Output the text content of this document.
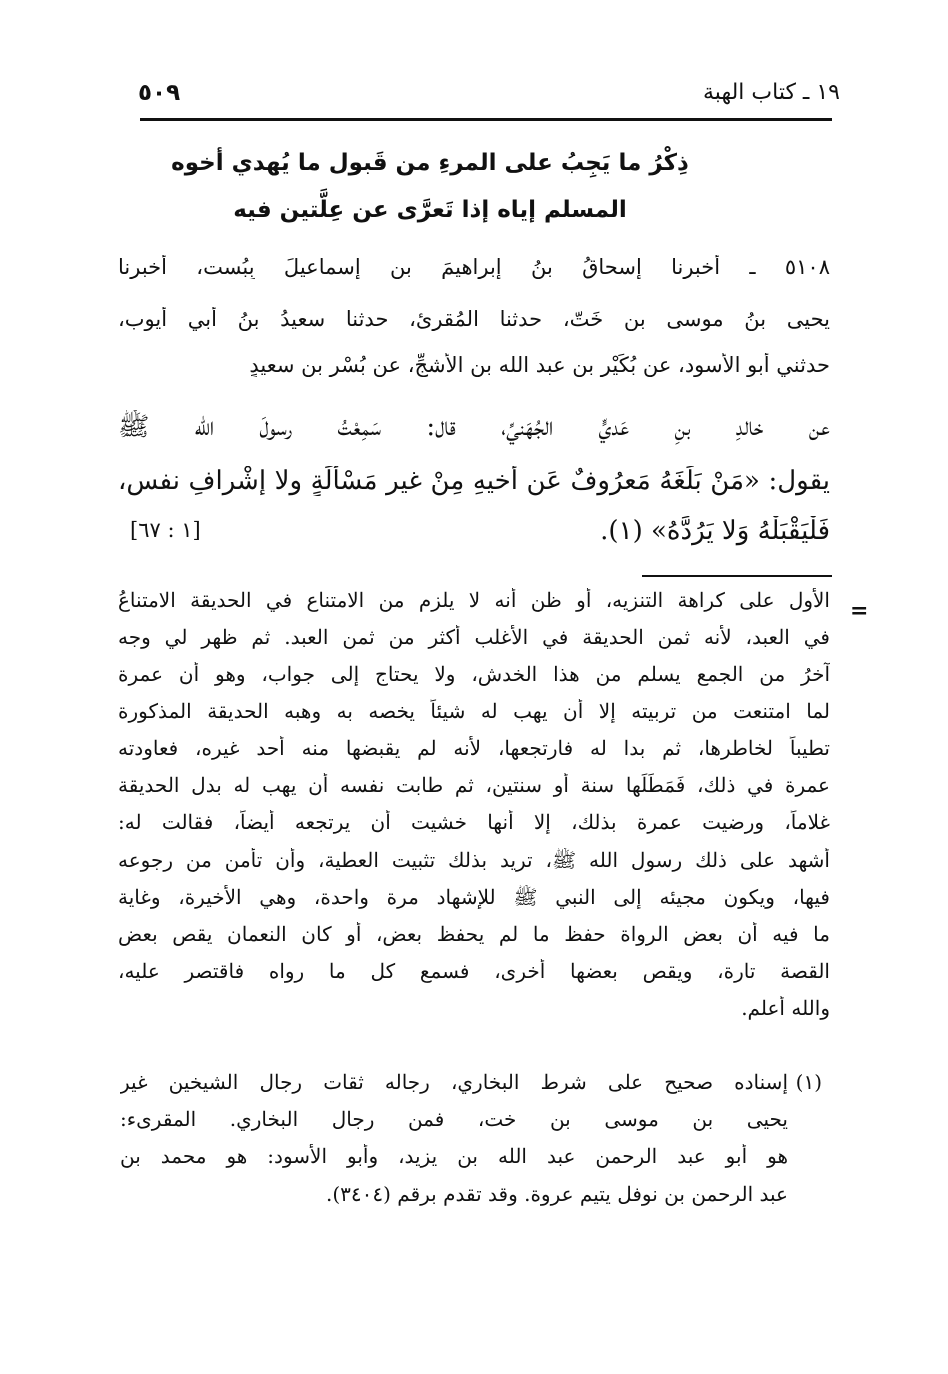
١٩ ـ كتاب الهبة
٥٠٩
ذِكْرُ ما يَجِبُ على المرءِ من قَبول ما يُهدي أخوه
المسلم إياه إذا تَعرَّى عن عِلَّتين فيه
٥١٠٨ ـ أخبرنا إسحاقُ بنُ إبراهيمَ بنِ إسماعيلَ بِبُست، أخبرنا
يحيى بنُ موسى بن خَتّ، حدثنا المُقرِئ، حدثنا سعيدُ بنُ أبي أيوب،
حدثني أبو الأسود، عن بُكَيْرِ بنِ عبد الله بنِ الأشجِّ، عن بُسْرِ بنِ سعيدٍ
عن خالدِ بنِ عَديٍّ الجُهَنيِّ، قال: سَمِعْتُ رسولَ الله ﷺ
يقول: «مَنْ بَلَغَهُ مَعرُوفٌ عَن أخيهِ مِنْ غيرِ مَسْألَةٍ ولا إشْرافِ نفسٍ،
فَلْيَقْبَلْهُ وَلا يَرُدَّهُ» (١).
[١ : ٦٧]
=
الأول على كراهة التنزيه، أو ظن أنه لا يلزم من الامتناع في الحديقة الامتناعُ
في العبد، لأنه ثمن الحديقة في الأغلب أكثر من ثمن العبد. ثم ظهر لي وجه
آخرُ من الجمع يسلم من هذا الخدش، ولا يحتاج إلى جواب، وهو أن عمرة
لما امتنعت من تربيته إلا أن يهب له شيئاً يخصه به وهبه الحديقة المذكورة
تطيباً لخاطرها، ثم بدا له فارتجعها، لأنه لم يقبضها منه أحد غيره، فعاودته
عمرة في ذلك، فَمَطَلَها سنة أو سنتين، ثم طابت نفسه أن يهب له بدل الحديقة
غلاماً، ورضيت عمرة بذلك، إلا أنها خشيت أن يرتجعه أيضاً، فقالت له:
أشهد على ذلك رسول الله ﷺ، تريد بذلك تثبيت العطية، وأن تأمن من رجوعه
فيها، ويكون مجيئه إلى النبي ﷺ للإشهاد مرة واحدة، وهي الأخيرة، وغاية
ما فيه أن بعض الرواة حفظ ما لم يحفظ بعض، أو كان النعمان يقص بعض
القصة تارة، ويقص بعضها أخرى، فسمع كل ما رواه فاقتصر عليه،
والله أعلم.
(١)
إسناده صحيح على شرط البخاري، رجاله ثقات رجال الشيخين غير
يحيى بن موسى بن خت، فمن رجال البخاري. المقرىء:
هو أبو عبد الرحمن عبد الله بن يزيد، وأبو الأسود: هو محمد بن
عبد الرحمن بن نوفل يتيم عروة. وقد تقدم برقم (٣٤٠٤).
